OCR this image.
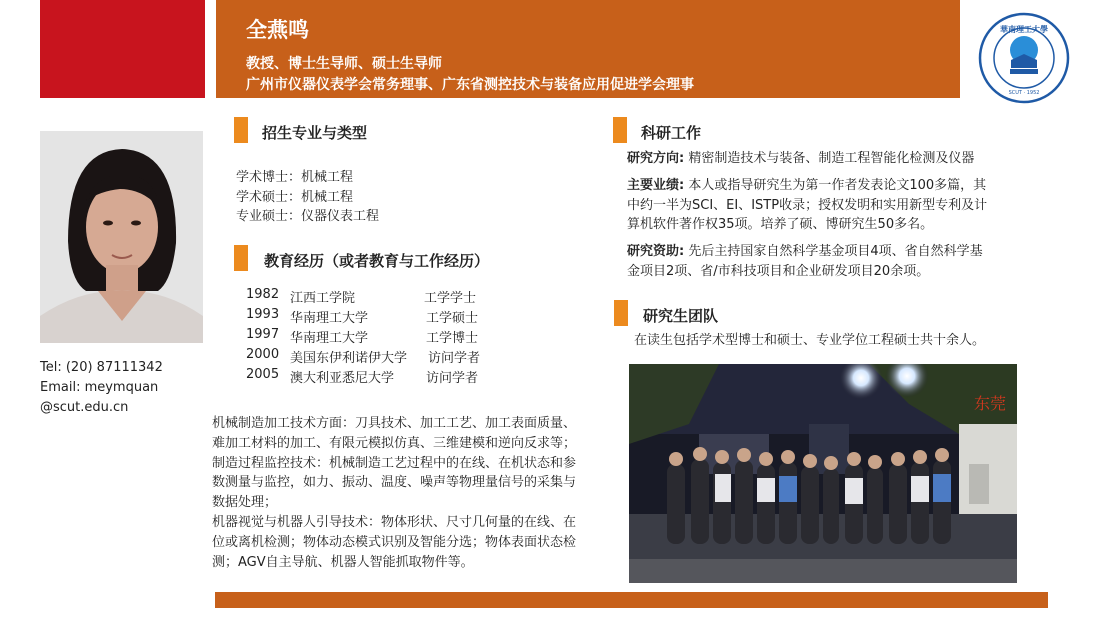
全燕鸣
教授、博士生导师、硕士生导师
广州市仪器仪表学会常务理事、广东省测控技术与装备应用促进学会理事
華南理工大學
SCUT · 1952
Tel: (20) 87111342
Email: meymquan
@scut.edu.cn
招生专业与类型
学术博士：机械工程
学术硕士：机械工程
专业硕士：仪器仪表工程
教育经历（或者教育与工作经历）
1982 江西工学院	工学学士
1993 华南理工大学	工学硕士
1997 华南理工大学	工学博士
2000 美国东伊利诺伊大学 访问学者
2005 澳大利亚悉尼大学 访问学者
机械制造加工技术方面：刀具技术、加工工艺、加工表面质量、
难加工材料的加工、有限元模拟仿真、三维建模和逆向反求等；
制造过程监控技术：机械制造工艺过程中的在线、在机状态和参
数测量与监控，如力、振动、温度、噪声等物理量信号的采集与
数据处理；
机器视觉与机器人引导技术：物体形状、尺寸几何量的在线、在
位或离机检测；物体动态模式识别及智能分选；物体表面状态检
测；AGV自主导航、机器人智能抓取物件等。
科研工作
研究方向: 精密制造技术与装备、制造工程智能化检测及仪器
主要业绩: 本人或指导研究生为第一作者发表论文100多篇，其
中约一半为SCI、EI、ISTP收录；授权发明和实用新型专利及计
算机软件著作权35项。培养了硕、博研究生50多名。
研究资助: 先后主持国家自然科学基金项目4项、省自然科学基
金项目2项、省/市科技项目和企业研发项目20余项。
研究生团队
在读生包括学术型博士和硕士、专业学位工程硕士共十余人。
东莞
